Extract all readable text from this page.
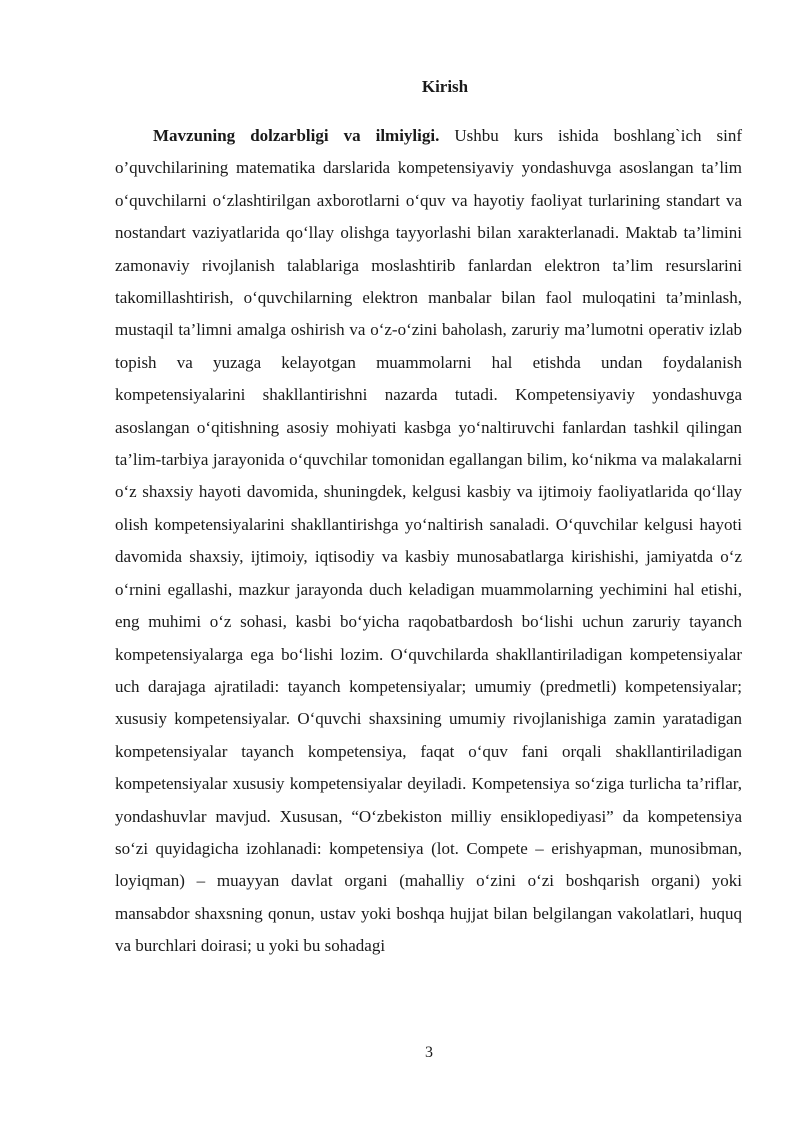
Kirish

Mavzuning dolzarbligi va ilmiyligi. Ushbu kurs ishida boshlang`ich sinf o’quvchilarining matematika darslarida kompetensiyaviy yondashuvga asoslangan ta’lim o‘quvchilarni o‘zlashtirilgan axborotlarni o‘quv va hayotiy faoliyat turlarining standart va nostandart vaziyatlarida qo‘llay olishga tayyorlashi bilan xarakterlanadi. Maktab ta’limini zamonaviy rivojlanish talablariga moslashtirib fanlardan elektron ta’lim resurslarini takomillashtirish, o‘quvchilarning elektron manbalar bilan faol muloqatini ta’minlash, mustaqil ta’limni amalga oshirish va o‘z-o‘zini baholash, zaruriy ma’lumotni operativ izlab topish va yuzaga kelayotgan muammolarni hal etishda undan foydalanish kompetensiyalarini shakllantirishni nazarda tutadi. Kompetensiyaviy yondashuvga asoslangan o‘qitishning asosiy mohiyati kasbga yo‘naltiruvchi fanlardan tashkil qilingan ta’lim-tarbiya jarayonida o‘quvchilar tomonidan egallangan bilim, ko‘nikma va malakalarni o‘z shaxsiy hayoti davomida, shuningdek, kelgusi kasbiy va ijtimoiy faoliyatlarida qo‘llay olish kompetensiyalarini shakllantirishga yo‘naltirish sanaladi. O‘quvchilar kelgusi hayoti davomida shaxsiy, ijtimoiy, iqtisodiy va kasbiy munosabatlarga kirishishi, jamiyatda o‘z o‘rnini egallashi, mazkur jarayonda duch keladigan muammolarning yechimini hal etishi, eng muhimi o‘z sohasi, kasbi bo‘yicha raqobatbardosh bo‘lishi uchun zaruriy tayanch kompetensiyalarga ega bo‘lishi lozim. O‘quvchilarda shakllantiriladigan kompetensiyalar uch darajaga ajratiladi: tayanch kompetensiyalar; umumiy (predmetli) kompetensiyalar; xususiy kompetensiyalar. O‘quvchi shaxsining umumiy rivojlanishiga zamin yaratadigan kompetensiyalar tayanch kompetensiya, faqat o‘quv fani orqali shakllantiriladigan kompetensiyalar xususiy kompetensiyalar deyiladi. Kompetensiya so‘ziga turlicha ta’riflar, yondashuvlar mavjud. Xususan, “O‘zbekiston milliy ensiklopediyasi” da kompetensiya so‘zi quyidagicha izohlanadi: kompetensiya (lot. Compete – erishyapman, munosibman, loyiqman) – muayyan davlat organi (mahalliy o‘zini o‘zi boshqarish organi) yoki mansabdor shaxsning qonun, ustav yoki boshqa hujjat bilan belgilangan vakolatlari, huquq va burchlari doirasi; u yoki bu sohadagi

3
